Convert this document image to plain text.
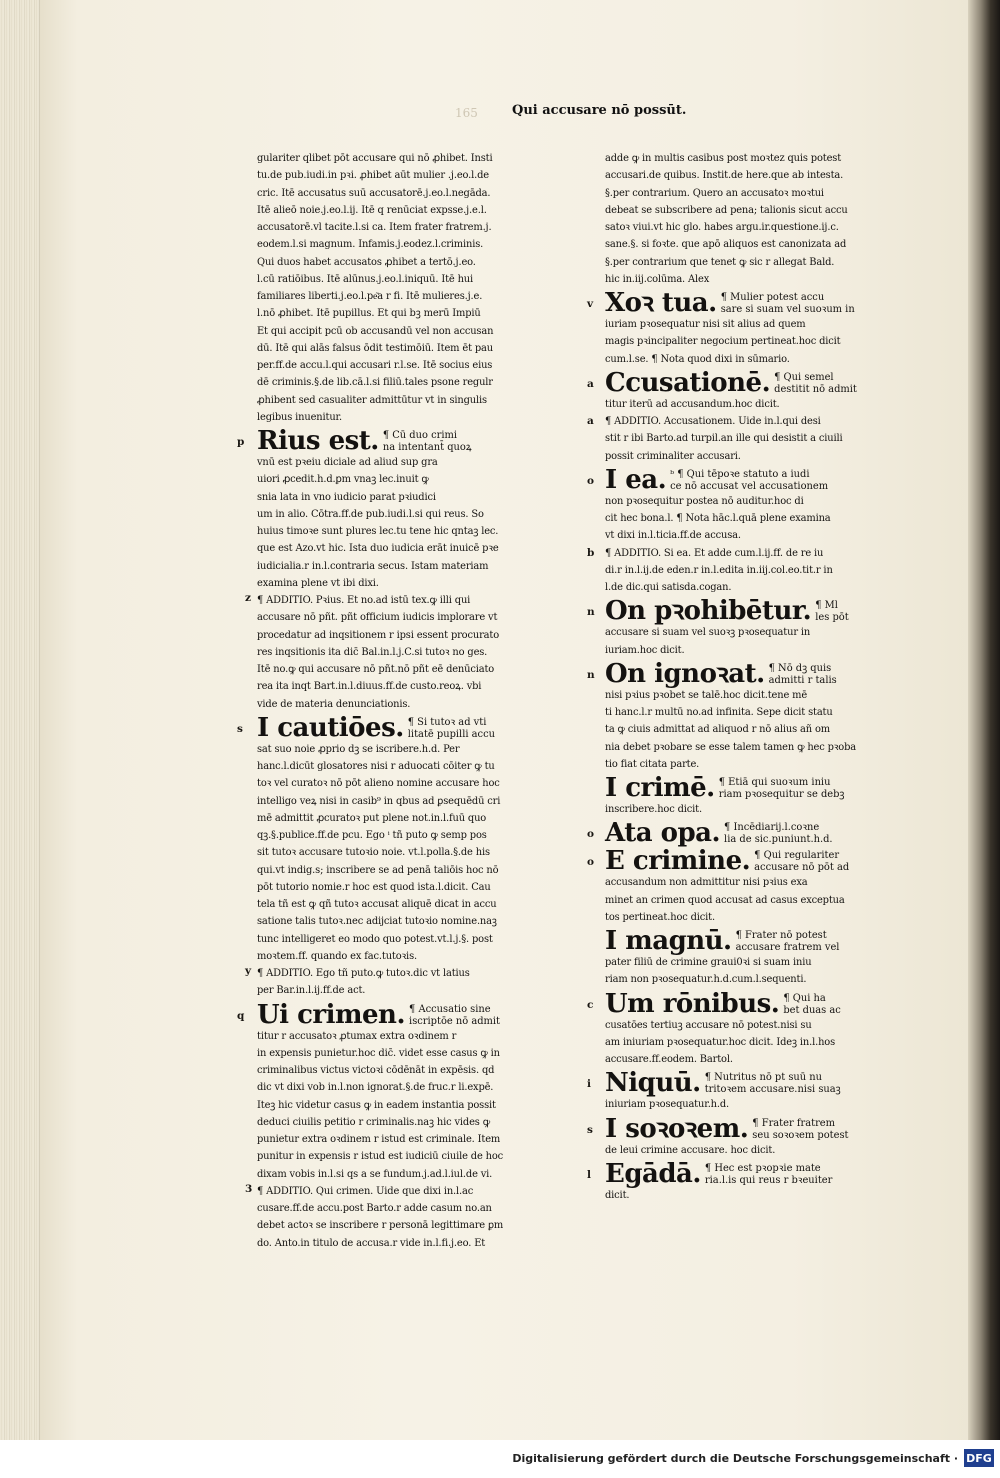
165	Qui accusare nō possūt.
gulariter qlibet pōt accusare qui nō ꝓhibet. Insti
tu.de pub.iudi.in pꝛi. ꝓhibet aūt mulier .j.eo.l.de
cric. Itē accusatus suū accusatorē.j.eo.l.negāda.
Itē alieō noie.j.eo.l.ij. Itē q renūciat expsse.j.e.l.
accusatorē.vl tacite.l.si ca. Item frater fratrem.j.
eodem.l.si magnum. Infamis.j.eodez.l.criminis.
Qui duos habet accusatos ꝓhibet a tertō.j.eo.
l.cū ratiōibus. Itē alūnus.j.eo.l.iniquū. Itē hui
familiares liberti.j.eo.l.pe͂a r fi. Itē mulieres.j.e.
l.nō ꝓhibet. Itē pupillus. Et qui bꝫ merū Impiū
Et qui accipit pcū ob accusandū vel non accusan
dū. Itē qui alās falsus ōdit testimōiū. Item ēt pau
per.ff.de accu.l.qui accusari r.l.se. Itē socius eius
dē criminis.§.de lib.cā.l.si filiū.tales psone regulr
ꝓhibent sed casualiter admittūtur vt in singulis
legibus inuenitur.
Rius est. ¶ Cū duo crimi
na intentant̄ quoꝝ
vnū est pꝛeiu diciale ad aliud sup gra
uiori ꝓcedit.h.d.ꝑm vnaꝫ lec.inuit ꝙ
snia lata in vno iudicio parat pꝛiudici
um in alio. Cōtra.ff.de pub.iudi.l.si qui reus. So
huius timoꝛe sunt plures lec.tu tene hic qntaꝫ lec.
que est Azo.vt hic. Ista duo iudicia erāt inuicē pꝛe
iudicialia.r in.l.contraria secus. Istam materiam
examina plene vt ibi dixi.
p
¶ ADDITIO. Pꝛius. Et no.ad istū tex.ꝙ illi qui
accusare nō pñt. pñt officium iudicis implorare vt
procedatur ad inqsitionem r ipsi essent procurato
res inqsitionis ita dic̄ Bal.in.l.j.C.si tutoꝛ no ges.
Itē no.ꝙ qui accusare nō pñt.nō pñt eē denūciato
rea ita inqt Bart.in.l.diuus.ff.de custo.reoꝝ. vbi
vide de materia denunciationis.
z
I cautiōes. ¶ Si tutoꝛ ad vti
litatē pupilli accu
sat suo noie ꝓprio dꝫ se iscribere.h.d. Per
hanc.l.dicūt glosatores nisi r aduocati cōiter ꝙ tu
toꝛ vel curatoꝛ nō pōt alieno nomine accusare hoc
intelligo veꝝ nisi in casib⁹ in qbus ad ꝑsequēdū cri
mē admittit ꝓcuratoꝛ put plene not.in.l.fuū quo
qꝫ.§.publice.ff.de pcu. Ego ⁱ tñ puto ꝙ semp pos
sit tutoꝛ accusare tutoꝛio noie. vt.l.polla.§.de his
qui.vt indig.s; inscribere se ad penā taliōis hoc nō
pōt tutorio nomie.r hoc est quod ista.l.dicit. Cau
tela tñ est ꝙ qñ tutoꝛ accusat aliquē dicat in accu
satione talis tutoꝛ.nec adijciat tutoꝛio nomine.naꝫ
tunc intelligeret eo modo quo potest.vt.l.j.§. post
moꝛtem.ff. quando ex fac.tutoꝛis.
s
¶ ADDITIO. Ego tñ puto.ꝙ tutoꝛ.dic vt latius
per Bar.in.l.ij.ff.de act.
y
Ui crimen. ¶ Accusatio sine
iscriptōe nō admit
titur r accusatoꝛ ꝓtumax extra oꝛdinem r
in expensis punietur.hoc dic̄. videt esse casus ꝙ in
criminalibus victus victoꝛi cōdēnāt in expēsis. qd
dic vt dixi vob in.l.non ignorat.§.de fruc.r li.expē.
Iteꝫ hic videtur casus ꝙ in eadem instantia possit
deduci ciuilis petitio r criminalis.naꝫ hic vides ꝙ
punietur extra oꝛdinem r istud est criminale. Item
punitur in expensis r istud est iudiciū ciuile de hoc
dixam vobis in.l.si qs a se fundum.j.ad.l.iul.de vi.
q
¶ ADDITIO. Qui crimen. Uide que dixi in.l.ac
cusare.ff.de accu.post Barto.r adde casum no.an
debet actoꝛ se inscribere r personā legittimare ꝑm
do. Anto.in titulo de accusa.r vide in.l.fi.j.eo. Et
3
adde ꝙ in multis casibus post moꝛtez quis potest
accusari.de quibus. Instit.de here.que ab intesta.
§.per contrarium. Quero an accusatoꝛ moꝛtui
debeat se subscribere ad pena; talionis sicut accu
satoꝛ viui.vt hic glo. habes argu.ir.questione.ij.c.
sane.§. si foꝛte. que apō aliquos est canonizata ad
§.per contrarium que tenet ꝙ sic r allegat Bald.
hic in.iij.colūma. Alex
Xoꝛ tua. ¶ Mulier potest accu
sare si suam vel suoꝛum in
iuriam pꝛosequatur nisi sit alius ad quem
magis pꝛincipaliter negocium pertineat.hoc dicit
cum.l.se. ¶ Nota quod dixi in sūmario.
v
Ccusationē. ¶ Qui semel
destitit nō admit
titur iterū ad accusandum.hoc dicit.
a
¶ ADDITIO. Accusationem. Uide in.l.qui desi
stit r ibi Barto.ad turpil.an ille qui desistit a ciuili
possit criminaliter accusari.
a
I ea. ᵇ ¶ Qui tēpoꝛe statuto a iudi
ce nō accusat vel accusationem
non pꝛosequitur postea nō auditur.hoc di
cit hec bona.l. ¶ Nota hāc.l.quā plene examina
vt dixi in.l.ticia.ff.de accusa.
o
¶ ADDITIO. Si ea. Et adde cum.l.ij.ff. de re iu
di.r in.l.ij.de eden.r in.l.edita in.iij.col.eo.tit.r in
l.de dic.qui satisda.cogan.
b
On pꝛohibētur. ¶ Ml
les pōt
accusare si suam vel suoꝛꝫ pꝛosequatur in
iuriam.hoc dicit.
n
On ignoꝛat. ¶ Nō dꝫ quis
admitti r talis
nisi pꝛius pꝛobet se talē.hoc dicit.tene mē
ti hanc.l.r multū no.ad infinita. Sepe dicit statu
ta ꝙ ciuis admittat ad aliquod r nō alius añ om
nia debet pꝛobare se esse talem tamen ꝙ hec pꝛoba
tio fiat citata parte.
n
I crimē. ¶ Etiā qui suoꝛum iniu
riam pꝛosequitur se debꝫ
inscribere.hoc dicit.
Ata opa. ¶ Incēdiarij.l.coꝛne
lia de sic.puniunt.h.d.
o
E crimine. ¶ Qui regulariter
accusare nō pōt ad
accusandum non admittitur nisi pꝛius exa
minet an crimen quod accusat ad casus exceptua
tos pertineat.hoc dicit.
o
I magnū. ¶ Frater nō potest
accusare fratrem vel
pater filiū de crimine graui0ꝛi si suam iniu
riam non pꝛosequatur.h.d.cum.l.sequenti.
Um rōnibus. ¶ Qui ha
bet duas ac
cusatōes tertiuꝫ accusare nō potest.nisi su
am iniuriam pꝛosequatur.hoc dicit. Ideꝫ in.l.hos
accusare.ff.eodem. Bartol.
c
Niquū. ¶ Nutritus nō pt suū nu
tritoꝛem accusare.nisi suaꝫ
iniuriam pꝛosequatur.h.d.
i
I soꝛoꝛem. ¶ Frater fratrem
seu soꝛoꝛem potest
de leui crimine accusare. hoc dicit.
s
Egādā. ¶ Hec est pꝛopꝛie mate
ria.l.is qui reus r bꝛeuiter
dicit.
l
Digitalisierung gefördert durch die Deutsche Forschungsgemeinschaft · DFG
